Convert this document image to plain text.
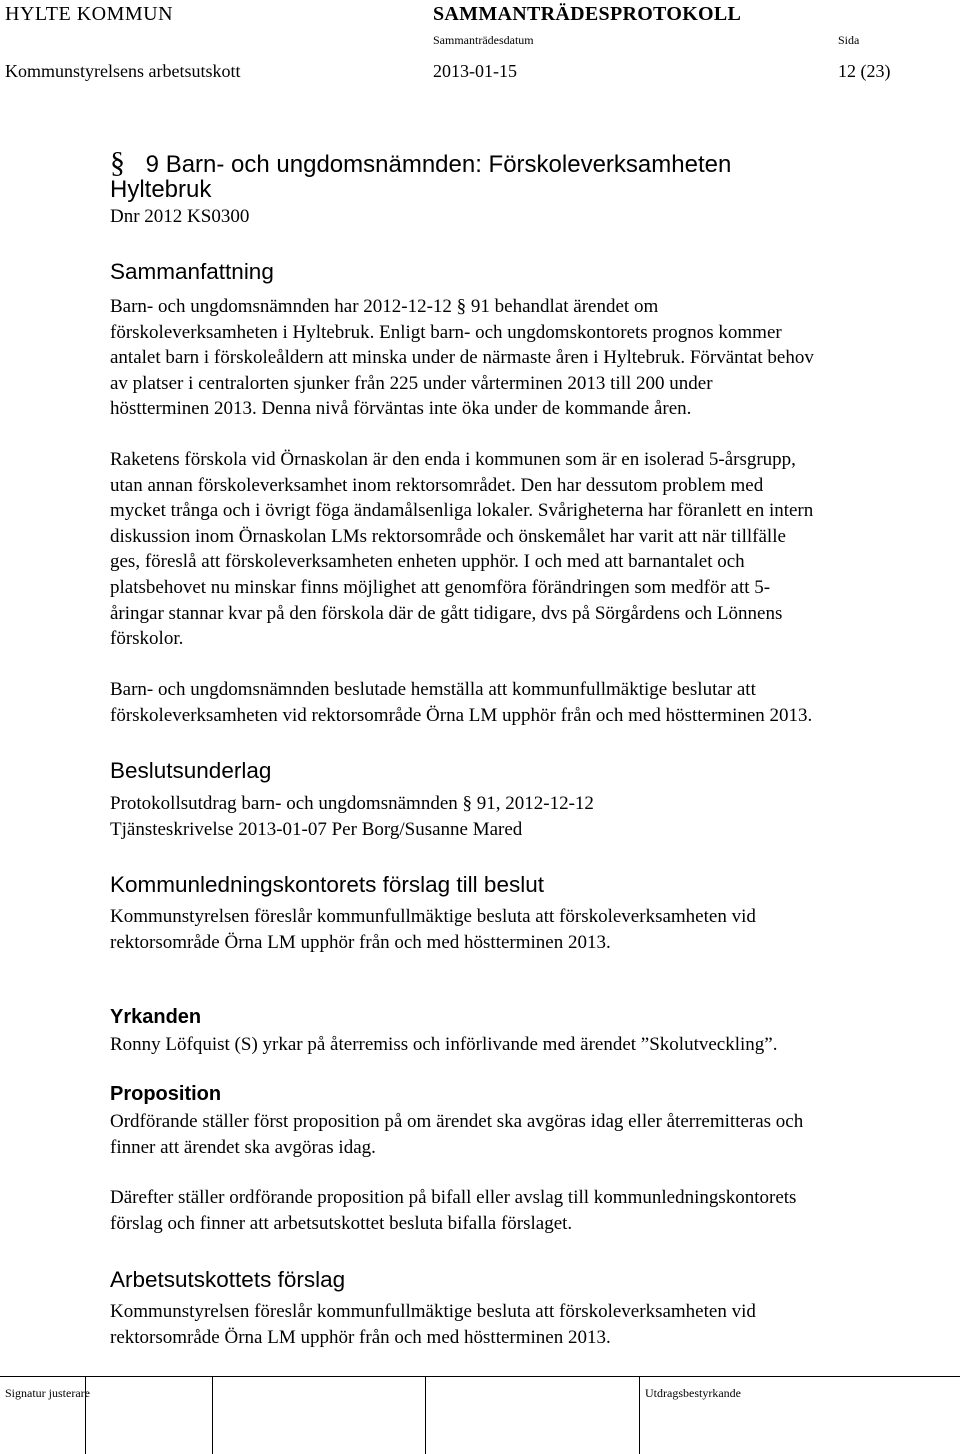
HYLTE KOMMUN	SAMMANTRÄDESPROTOKOLL
Sammanträdesdatum	Sida
Kommunstyrelsens arbetsutskott	2013-01-15	12 (23)
§ 9 Barn- och ungdomsnämnden: Förskoleverksamheten
Hyltebruk
Dnr 2012 KS0300
Sammanfattning
Barn- och ungdomsnämnden har 2012-12-12 § 91 behandlat ärendet om
förskoleverksamheten i Hyltebruk. Enligt barn- och ungdomskontorets prognos kommer
antalet barn i förskoleåldern att minska under de närmaste åren i Hyltebruk. Förväntat behov
av platser i centralorten sjunker från 225 under vårterminen 2013 till 200 under
höstterminen 2013. Denna nivå förväntas inte öka under de kommande åren.
Raketens förskola vid Örnaskolan är den enda i kommunen som är en isolerad 5-årsgrupp,
utan annan förskoleverksamhet inom rektorsområdet. Den har dessutom problem med
mycket trånga och i övrigt föga ändamålsenliga lokaler. Svårigheterna har föranlett en intern
diskussion inom Örnaskolan LMs rektorsområde och önskemålet har varit att när tillfälle
ges, föreslå att förskoleverksamheten enheten upphör. I och med att barnantalet och
platsbehovet nu minskar finns möjlighet att genomföra förändringen som medför att 5-
åringar stannar kvar på den förskola där de gått tidigare, dvs på Sörgårdens och Lönnens
förskolor.
Barn- och ungdomsnämnden beslutade hemställa att kommunfullmäktige beslutar att
förskoleverksamheten vid rektorsområde Örna LM upphör från och med höstterminen 2013.
Beslutsunderlag
Protokollsutdrag barn- och ungdomsnämnden § 91, 2012-12-12
Tjänsteskrivelse 2013-01-07 Per Borg/Susanne Mared
Kommunledningskontorets förslag till beslut
Kommunstyrelsen föreslår kommunfullmäktige besluta att förskoleverksamheten vid
rektorsområde Örna LM upphör från och med höstterminen 2013.
Yrkanden
Ronny Löfquist (S) yrkar på återremiss och införlivande med ärendet ”Skolutveckling”.
Proposition
Ordförande ställer först proposition på om ärendet ska avgöras idag eller återremitteras och
finner att ärendet ska avgöras idag.
Därefter ställer ordförande proposition på bifall eller avslag till kommunledningskontorets
förslag och finner att arbetsutskottet besluta bifalla förslaget.
Arbetsutskottets förslag
Kommunstyrelsen föreslår kommunfullmäktige besluta att förskoleverksamheten vid
rektorsområde Örna LM upphör från och med höstterminen 2013.
Signatur justerare	Utdragsbestyrkande
